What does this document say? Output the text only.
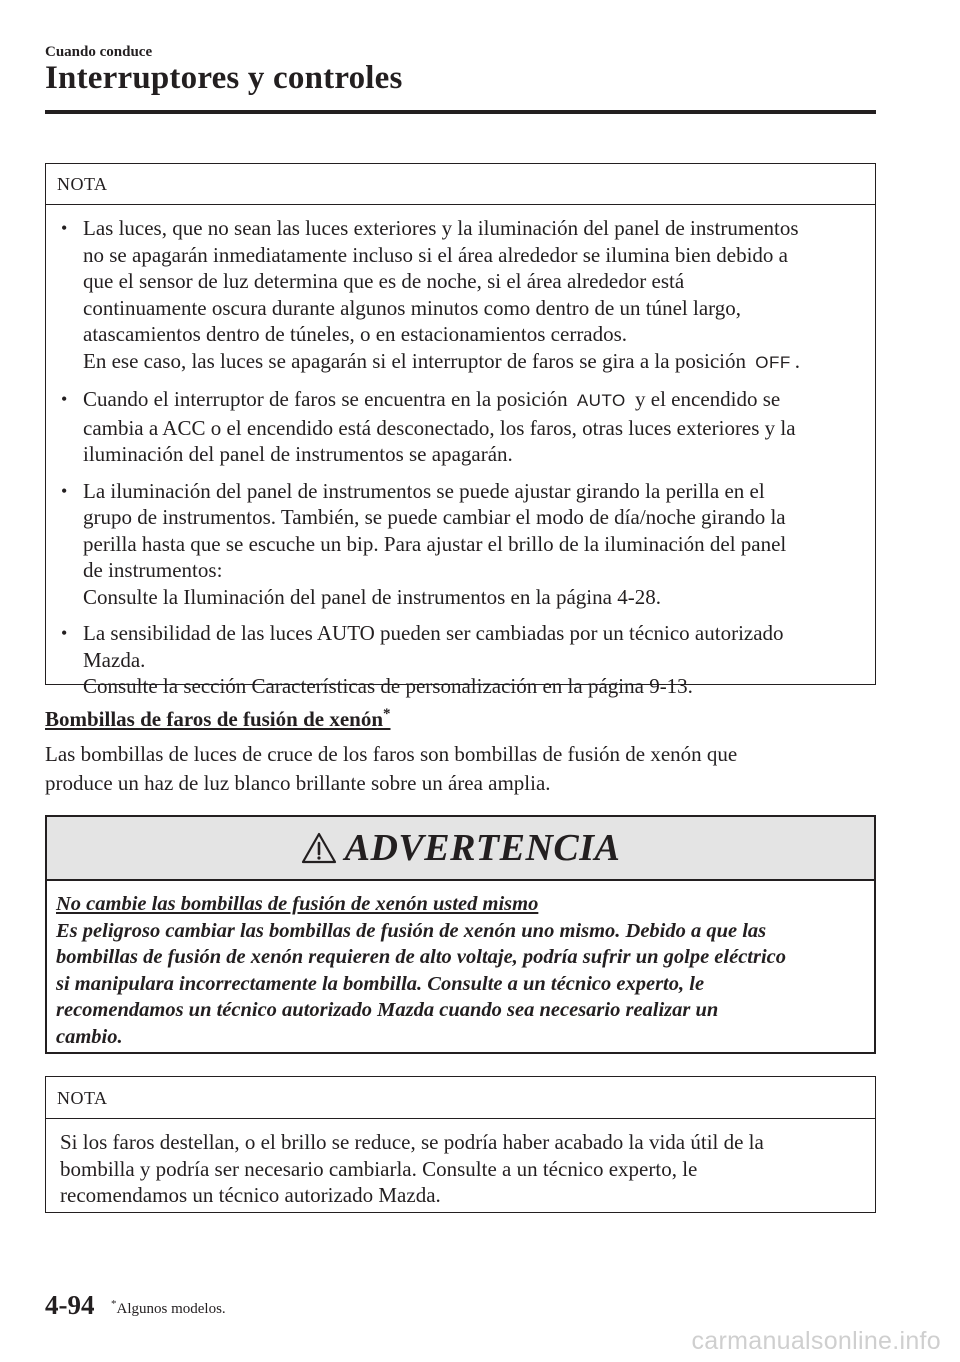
Cuando conduce
Interruptores y controles
NOTA
• Las luces, que no sean las luces exteriores y la iluminación del panel de instrumentos
no se apagarán inmediatamente incluso si el área alrededor se ilumina bien debido a
que el sensor de luz determina que es de noche, si el área alrededor está
continuamente oscura durante algunos minutos como dentro de un túnel largo,
atascamientos dentro de túneles, o en estacionamientos cerrados.
En ese caso, las luces se apagarán si el interruptor de faros se gira a la posición OFF .
• Cuando el interruptor de faros se encuentra en la posición AUTO y el encendido se
cambia a ACC o el encendido está desconectado, los faros, otras luces exteriores y la
iluminación del panel de instrumentos se apagarán.
• La iluminación del panel de instrumentos se puede ajustar girando la perilla en el
grupo de instrumentos. También, se puede cambiar el modo de día/noche girando la
perilla hasta que se escuche un bip. Para ajustar el brillo de la iluminación del panel
de instrumentos:
Consulte la Iluminación del panel de instrumentos en la página 4-28.
• La sensibilidad de las luces AUTO pueden ser cambiadas por un técnico autorizado
Mazda.
Consulte la sección Características de personalización en la página 9-13.
Bombillas de faros de fusión de xenón*
Las bombillas de luces de cruce de los faros son bombillas de fusión de xenón que
produce un haz de luz blanco brillante sobre un área amplia.
ADVERTENCIA
No cambie las bombillas de fusión de xenón usted mismo
Es peligroso cambiar las bombillas de fusión de xenón uno mismo. Debido a que las
bombillas de fusión de xenón requieren de alto voltaje, podría sufrir un golpe eléctrico
si manipulara incorrectamente la bombilla. Consulte a un técnico experto, le
recomendamos un técnico autorizado Mazda cuando sea necesario realizar un
cambio.
NOTA
Si los faros destellan, o el brillo se reduce, se podría haber acabado la vida útil de la
bombilla y podría ser necesario cambiarla. Consulte a un técnico experto, le
recomendamos un técnico autorizado Mazda.
4-94 *Algunos modelos.
carmanualsonline.info
